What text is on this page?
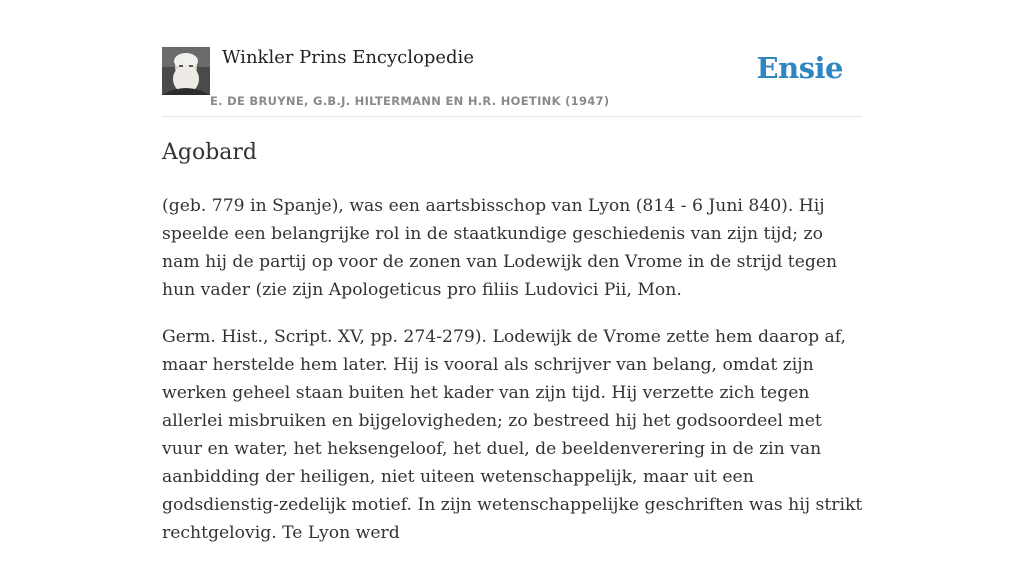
Winkler Prins Encyclopedie
E. DE BRUYNE, G.B.J. HILTERMANN EN H.R. HOETINK (1947)
Ensie
Agobard

(geb. 779 in Spanje), was een aartsbisschop van Lyon (814 - 6 Juni 840). Hij speelde een belangrijke rol in de staatkundige geschiedenis van zijn tijd; zo nam hij de partij op voor de zonen van Lodewijk den Vrome in de strijd tegen hun vader (zie zijn Apologeticus pro filiis Ludovici Pii, Mon.

Germ. Hist., Script. XV, pp. 274-279). Lodewijk de Vrome zette hem daarop af, maar herstelde hem later. Hij is vooral als schrijver van belang, omdat zijn werken geheel staan buiten het kader van zijn tijd. Hij verzette zich tegen allerlei misbruiken en bijgelovigheden; zo bestreed hij het godsoordeel met vuur en water, het heksengeloof, het duel, de beeldenverering in de zin van aanbidding der heiligen, niet uiteen wetenschappelijk, maar uit een godsdienstig-zedelijk motief. In zijn wetenschappelijke geschriften was hij strikt rechtgelovig. Te Lyon werd
